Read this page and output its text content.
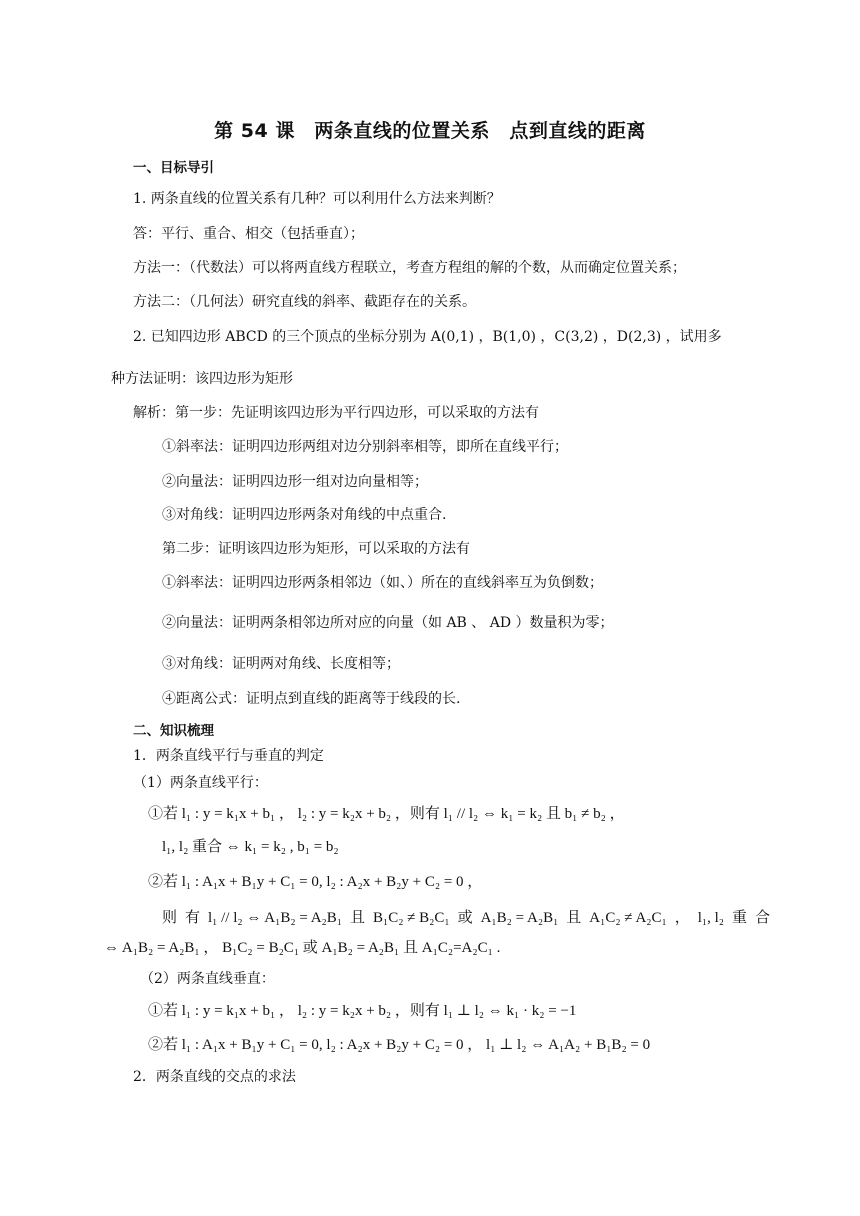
第 54 课　两条直线的位置关系　点到直线的距离
一、目标导引
1. 两条直线的位置关系有几种？可以利用什么方法来判断？
答：平行、重合、相交（包括垂直）；
方法一：（代数法）可以将两直线方程联立，考查方程组的解的个数，从而确定位置关系；
方法二：（几何法）研究直线的斜率、截距存在的关系。
2. 已知四边形 ABCD 的三个顶点的坐标分别为 A(0,1) ，B(1,0) ，C(3,2) ，D(2,3) ，试用多
种方法证明：该四边形为矩形
解析：第一步：先证明该四边形为平行四边形，可以采取的方法有
①斜率法：证明四边形两组对边分别斜率相等，即所在直线平行；
②向量法：证明四边形一组对边向量相等；
③对角线：证明四边形两条对角线的中点重合.
第二步：证明该四边形为矩形，可以采取的方法有
①斜率法：证明四边形两条相邻边（如、）所在的直线斜率互为负倒数；
②向量法：证明两条相邻边所对应的向量（如 AB 、 AD ）数量积为零；
③对角线：证明两对角线、长度相等；
④距离公式：证明点到直线的距离等于线段的长.
二、知识梳理
1．两条直线平行与垂直的判定
（1）两条直线平行：
①若 l₁ : y = k₁x + b₁ ， l₂ : y = k₂x + b₂ ，则有 l₁ // l₂ ⇔ k₁ = k₂ 且 b₁ ≠ b₂ ，
l₁, l₂ 重合 ⇔ k₁ = k₂ , b₁ = b₂
②若 l₁ : A₁x + B₁y + C₁ = 0, l₂ : A₂x + B₂y + C₂ = 0 ，
则 有 l₁ // l₂ ⇔ A₁B₂ = A₂B₁ 且 B₁C₂ ≠ B₂C₁ 或 A₁B₂ = A₂B₁ 且 A₁C₂ ≠ A₂C₁ ， l₁, l₂ 重 合
⇔ A₁B₂ = A₂B₁ ， B₁C₂ = B₂C₁ 或 A₁B₂ = A₂B₁ 且 A₁C₂=A₂C₁ .
（2）两条直线垂直：
①若 l₁ : y = k₁x + b₁ ， l₂ : y = k₂x + b₂ ，则有 l₁ ⊥ l₂ ⇔ k₁ · k₂ = −1
②若 l₁ : A₁x + B₁y + C₁ = 0, l₂ : A₂x + B₂y + C₂ = 0 ， l₁ ⊥ l₂ ⇔ A₁A₂ + B₁B₂ = 0
2．两条直线的交点的求法
